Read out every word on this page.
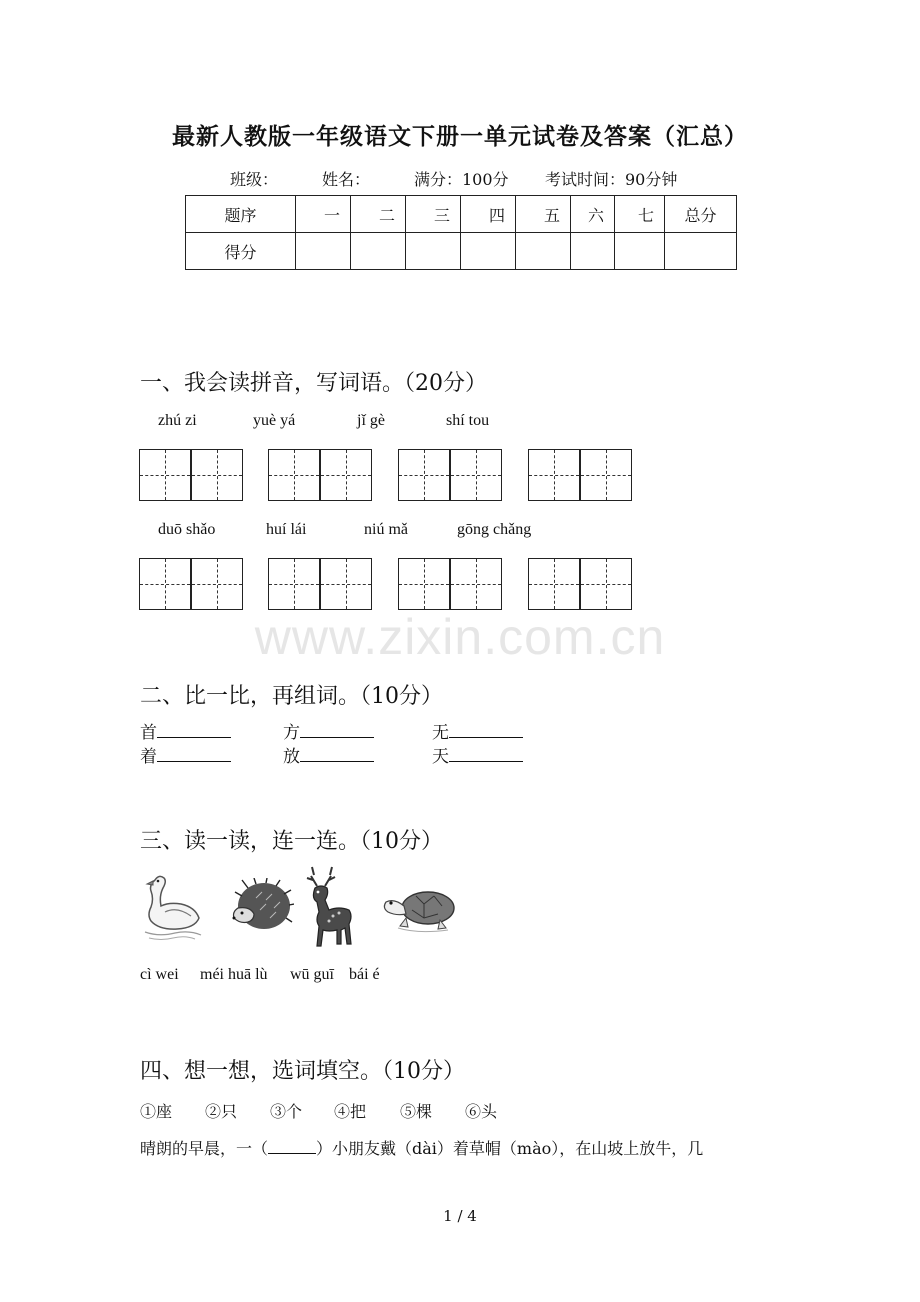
最新人教版一年级语文下册一单元试卷及答案（汇总）
班级：	姓名：	满分：100分 考试时间：90分钟
题序	一	二	三	四	五	六	七	总分
得分								
一、我会读拼音，写词语。（20分）
zhú zi	yuè yá	jǐ gè	shí tou
duō shǎo	huí lái	niú mǎ	gōng chǎng
www.zixin.com.cn
二、比一比，再组词。（10分）
首	方	无
着	放	天
三、读一读，连一连。（10分）
cì wei méi huā lù wū guī bái é
四、想一想，选词填空。（10分）
①座 ②只 ③个 ④把 ⑤棵 ⑥头
晴朗的早晨，一（	）小朋友戴（dài）着草帽（mào），在山坡上放牛，几
1 / 4
